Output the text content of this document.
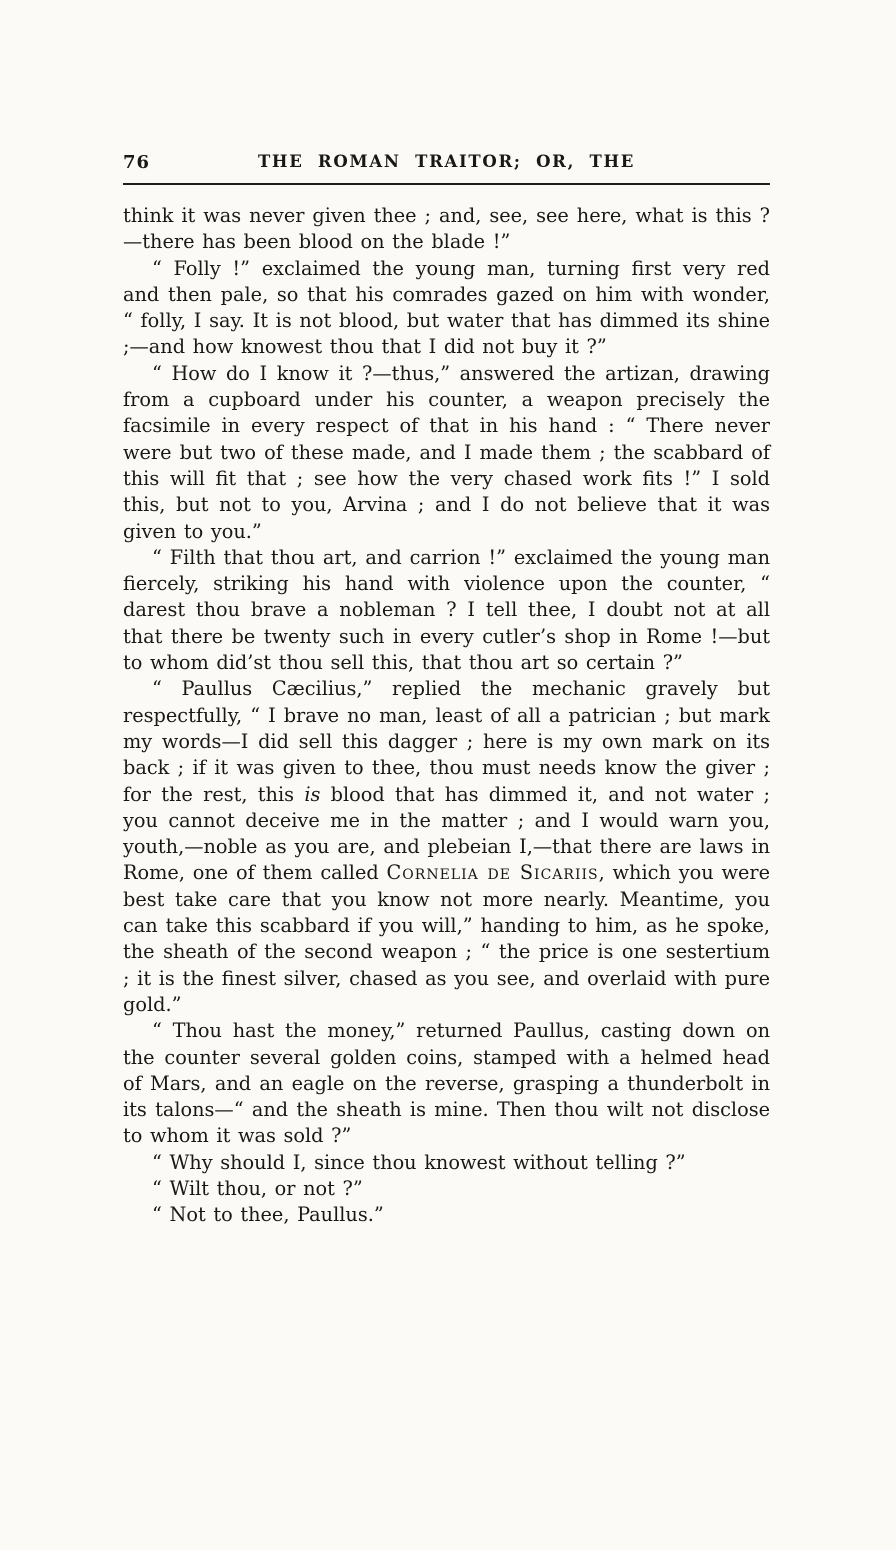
76	THE ROMAN TRAITOR; OR, THE

think it was never given thee ; and, see, see here, what is this ?—there has been blood on the blade !”

“ Folly !” exclaimed the young man, turning first very red and then pale, so that his comrades gazed on him with wonder, “ folly, I say. It is not blood, but water that has dimmed its shine ;—and how knowest thou that I did not buy it ?”

“ How do I know it ?—thus,” answered the artizan, drawing from a cupboard under his counter, a weapon precisely the facsimile in every respect of that in his hand : “ There never were but two of these made, and I made them ; the scabbard of this will fit that ; see how the very chased work fits !” I sold this, but not to you, Arvina ; and I do not believe that it was given to you.”

“ Filth that thou art, and carrion !” exclaimed the young man fiercely, striking his hand with violence upon the counter, “ darest thou brave a nobleman ? I tell thee, I doubt not at all that there be twenty such in every cutler’s shop in Rome !—but to whom did’st thou sell this, that thou art so certain ?”

“ Paullus Cæcilius,” replied the mechanic gravely but respectfully, “ I brave no man, least of all a patrician ; but mark my words—I did sell this dagger ; here is my own mark on its back ; if it was given to thee, thou must needs know the giver ; for the rest, this is blood that has dimmed it, and not water ; you cannot deceive me in the matter ; and I would warn you, youth,—noble as you are, and plebeian I,—that there are laws in Rome, one of them called Cornelia de Sicariis, which you were best take care that you know not more nearly. Meantime, you can take this scabbard if you will,” handing to him, as he spoke, the sheath of the second weapon ; “ the price is one sestertium ; it is the finest silver, chased as you see, and overlaid with pure gold.”

“ Thou hast the money,” returned Paullus, casting down on the counter several golden coins, stamped with a helmed head of Mars, and an eagle on the reverse, grasping a thunderbolt in its talons—“ and the sheath is mine. Then thou wilt not disclose to whom it was sold ?”

“ Why should I, since thou knowest without telling ?”

“ Wilt thou, or not ?”

“ Not to thee, Paullus.”
